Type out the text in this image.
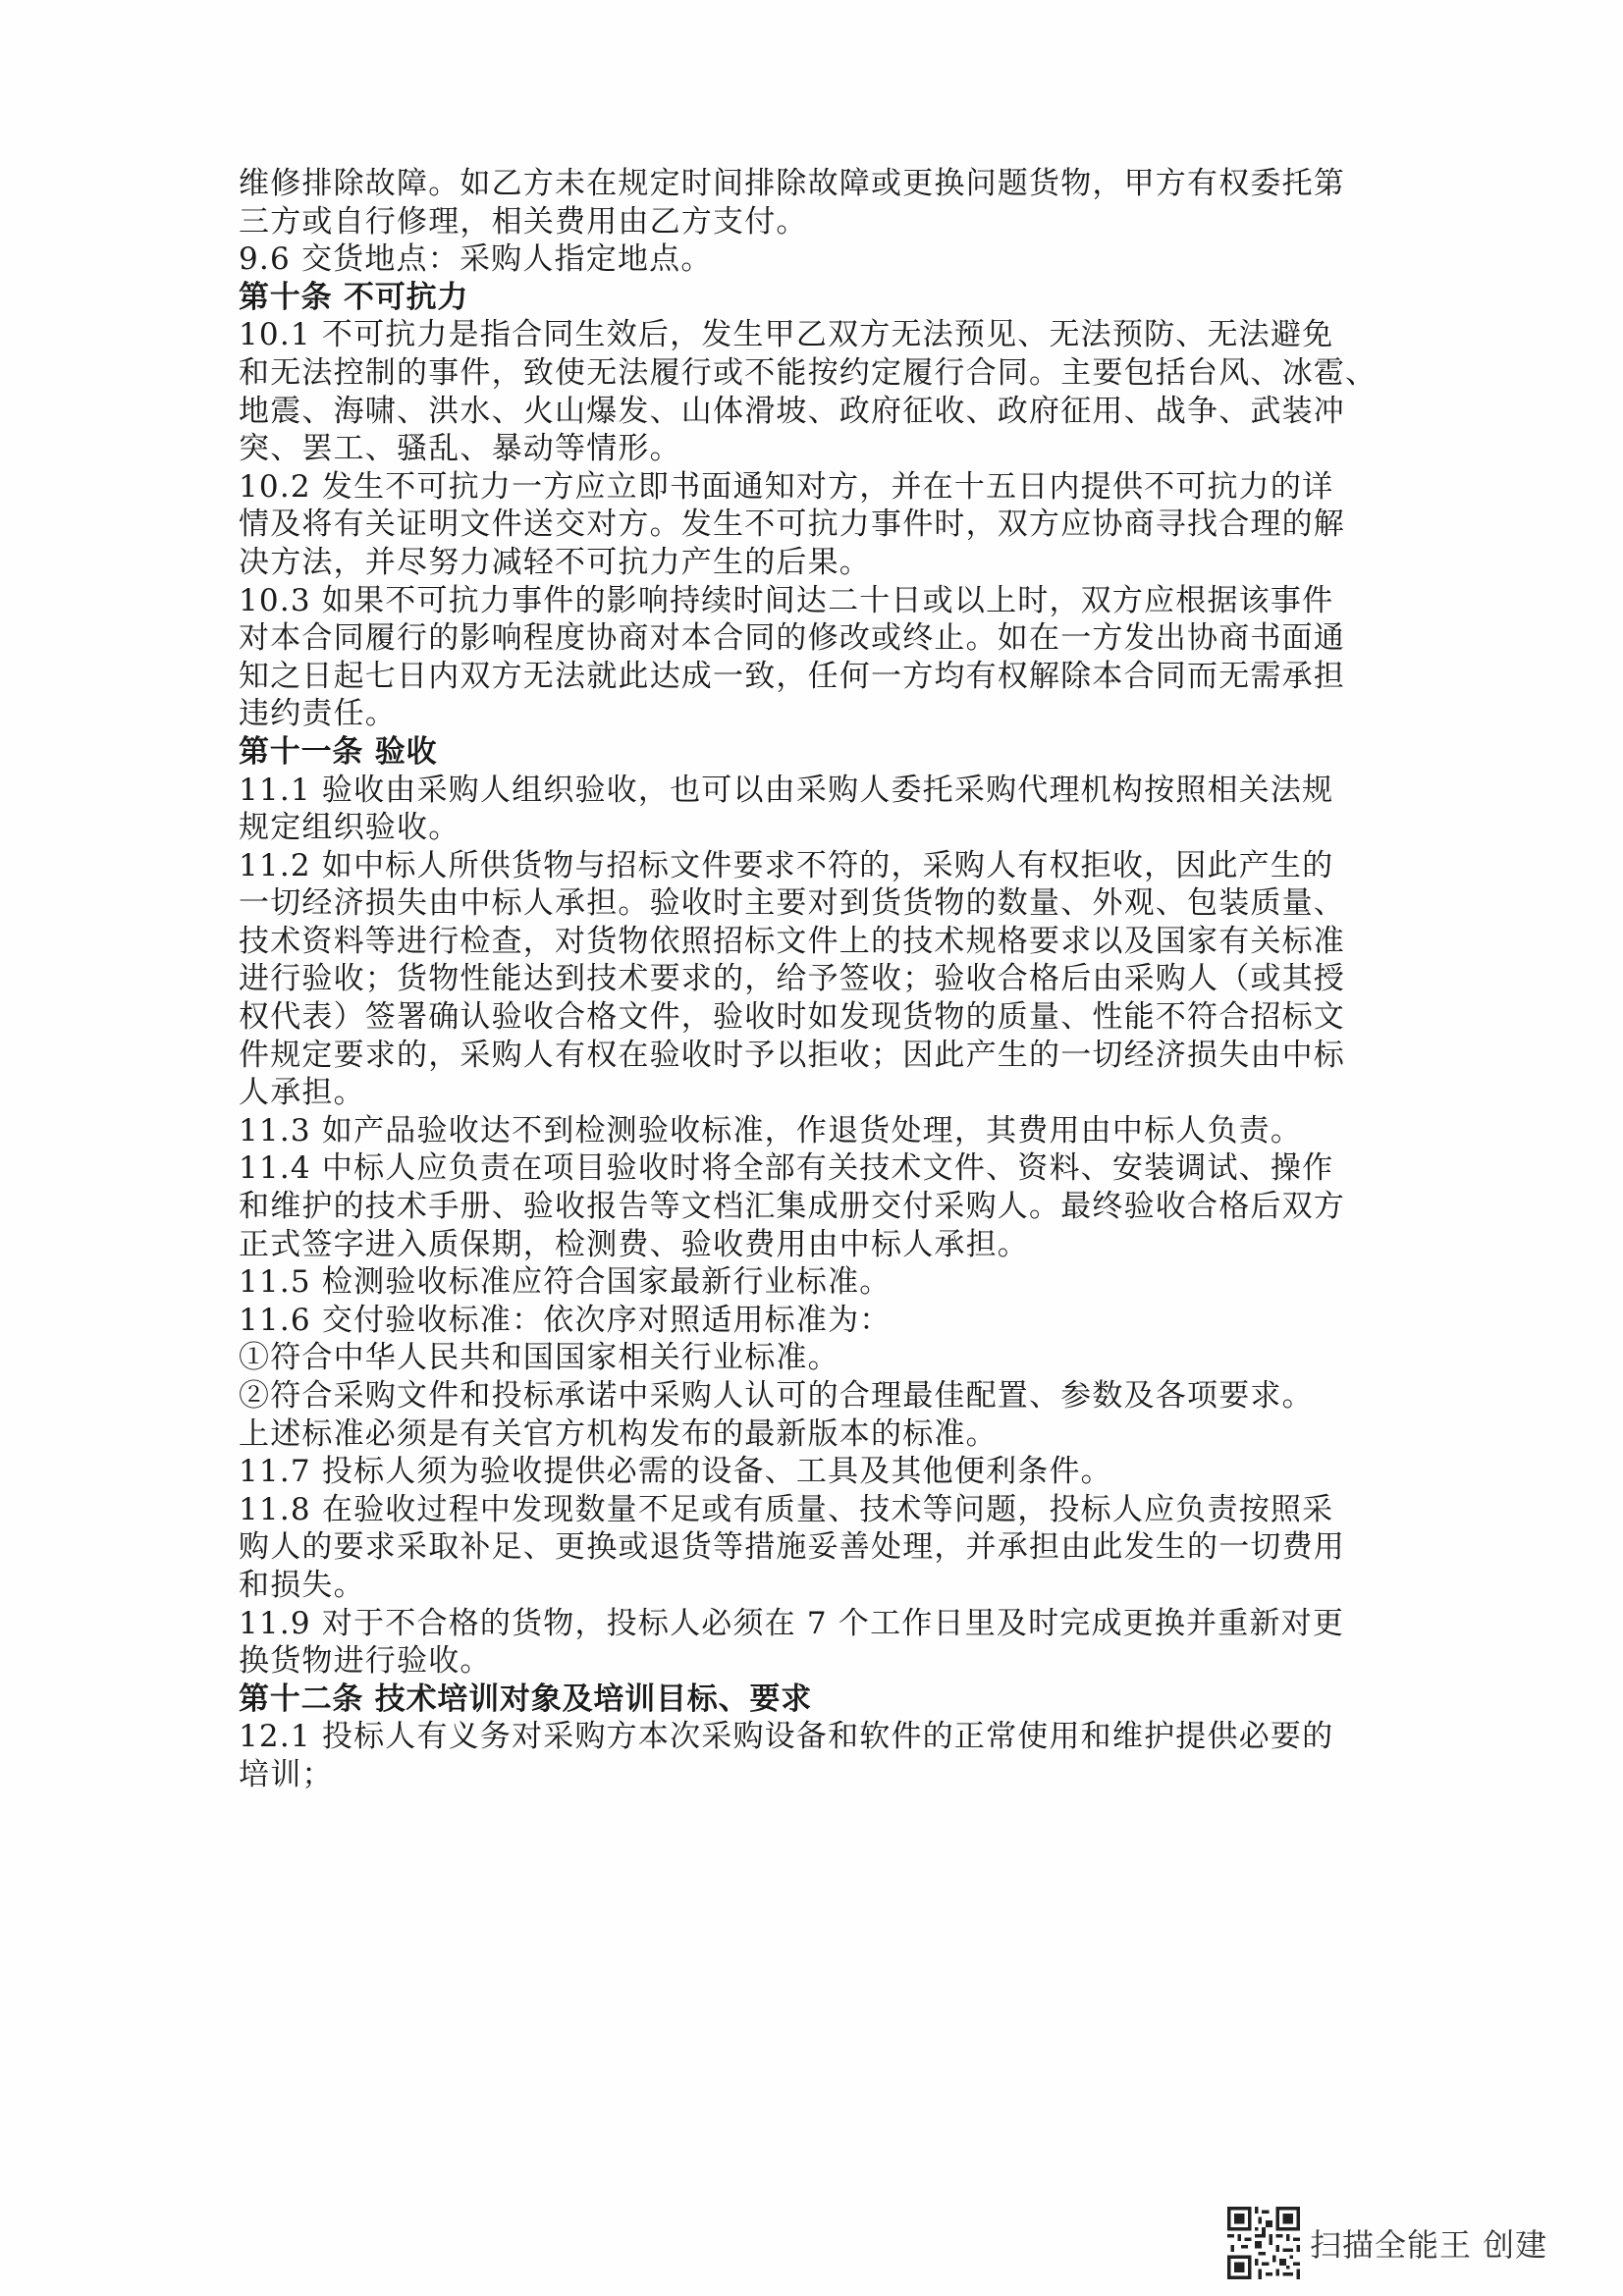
维修排除故障。如乙方未在规定时间排除故障或更换问题货物，甲方有权委托第
三方或自行修理，相关费用由乙方支付。
9.6 交货地点：采购人指定地点。
第十条 不可抗力
10.1 不可抗力是指合同生效后，发生甲乙双方无法预见、无法预防、无法避免
和无法控制的事件，致使无法履行或不能按约定履行合同。主要包括台风、冰雹、
地震、海啸、洪水、火山爆发、山体滑坡、政府征收、政府征用、战争、武装冲
突、罢工、骚乱、暴动等情形。
10.2 发生不可抗力一方应立即书面通知对方，并在十五日内提供不可抗力的详
情及将有关证明文件送交对方。发生不可抗力事件时，双方应协商寻找合理的解
决方法，并尽努力减轻不可抗力产生的后果。
10.3 如果不可抗力事件的影响持续时间达二十日或以上时，双方应根据该事件
对本合同履行的影响程度协商对本合同的修改或终止。如在一方发出协商书面通
知之日起七日内双方无法就此达成一致，任何一方均有权解除本合同而无需承担
违约责任。
第十一条 验收
11.1 验收由采购人组织验收，也可以由采购人委托采购代理机构按照相关法规
规定组织验收。
11.2 如中标人所供货物与招标文件要求不符的，采购人有权拒收，因此产生的
一切经济损失由中标人承担。验收时主要对到货货物的数量、外观、包装质量、
技术资料等进行检查，对货物依照招标文件上的技术规格要求以及国家有关标准
进行验收；货物性能达到技术要求的，给予签收；验收合格后由采购人（或其授
权代表）签署确认验收合格文件，验收时如发现货物的质量、性能不符合招标文
件规定要求的，采购人有权在验收时予以拒收；因此产生的一切经济损失由中标
人承担。
11.3 如产品验收达不到检测验收标准，作退货处理，其费用由中标人负责。
11.4 中标人应负责在项目验收时将全部有关技术文件、资料、安装调试、操作
和维护的技术手册、验收报告等文档汇集成册交付采购人。最终验收合格后双方
正式签字进入质保期，检测费、验收费用由中标人承担。
11.5 检测验收标准应符合国家最新行业标准。
11.6 交付验收标准：依次序对照适用标准为：
①符合中华人民共和国国家相关行业标准。
②符合采购文件和投标承诺中采购人认可的合理最佳配置、参数及各项要求。
上述标准必须是有关官方机构发布的最新版本的标准。
11.7 投标人须为验收提供必需的设备、工具及其他便利条件。
11.8 在验收过程中发现数量不足或有质量、技术等问题，投标人应负责按照采
购人的要求采取补足、更换或退货等措施妥善处理，并承担由此发生的一切费用
和损失。
11.9 对于不合格的货物，投标人必须在 7 个工作日里及时完成更换并重新对更
换货物进行验收。
第十二条 技术培训对象及培训目标、要求
12.1 投标人有义务对采购方本次采购设备和软件的正常使用和维护提供必要的
培训；
扫描全能王 创建
